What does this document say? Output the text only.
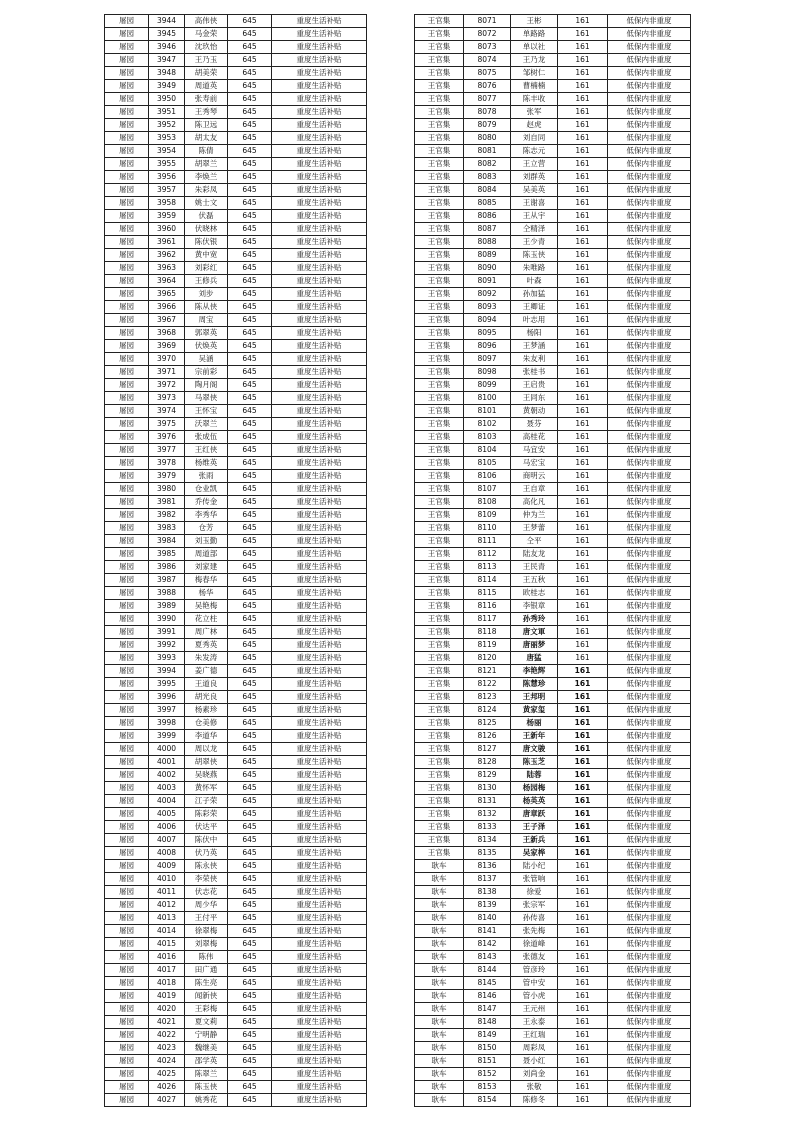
屠园	3944	高伟侠	645	重度生活补贴
屠园	3945	马金荣	645	重度生活补贴
屠园	3946	沈玖怡	645	重度生活补贴
屠园	3947	王乃玉	645	重度生活补贴
屠园	3948	胡美荣	645	重度生活补贴
屠园	3949	周道英	645	重度生活补贴
屠园	3950	张寿前	645	重度生活补贴
屠园	3951	王秀琴	645	重度生活补贴
屠园	3952	陈卫远	645	重度生活补贴
屠园	3953	胡太友	645	重度生活补贴
屠园	3954	陈倩	645	重度生活补贴
屠园	3955	胡翠兰	645	重度生活补贴
屠园	3956	李焕兰	645	重度生活补贴
屠园	3957	朱彩凤	645	重度生活补贴
屠园	3958	姚士文	645	重度生活补贴
屠园	3959	伏磊	645	重度生活补贴
屠园	3960	伏晓林	645	重度生活补贴
屠园	3961	陈伏银	645	重度生活补贴
屠园	3962	黄中宽	645	重度生活补贴
屠园	3963	刘彩红	645	重度生活补贴
屠园	3964	王修兵	645	重度生活补贴
屠园	3965	刘步	645	重度生活补贴
屠园	3966	陈从侠	645	重度生活补贴
屠园	3967	周宝	645	重度生活补贴
屠园	3968	郭翠英	645	重度生活补贴
屠园	3969	伏焕英	645	重度生活补贴
屠园	3970	吴涵	645	重度生活补贴
屠园	3971	宗前彩	645	重度生活补贴
屠园	3972	陶月阁	645	重度生活补贴
屠园	3973	马翠侠	645	重度生活补贴
屠园	3974	王怀宝	645	重度生活补贴
屠园	3975	沃翠兰	645	重度生活补贴
屠园	3976	张成伍	645	重度生活补贴
屠园	3977	王红侠	645	重度生活补贴
屠园	3978	杨维英	645	重度生活补贴
屠园	3979	张雨	645	重度生活补贴
屠园	3980	仓业凯	645	重度生活补贴
屠园	3981	乔传金	645	重度生活补贴
屠园	3982	李秀华	645	重度生活补贴
屠园	3983	仓芳	645	重度生活补贴
屠园	3984	刘玉勤	645	重度生活补贴
屠园	3985	周道部	645	重度生活补贴
屠园	3986	刘家建	645	重度生活补贴
屠园	3987	梅春华	645	重度生活补贴
屠园	3988	杨华	645	重度生活补贴
屠园	3989	吴艳梅	645	重度生活补贴
屠园	3990	花立柱	645	重度生活补贴
屠园	3991	周广林	645	重度生活补贴
屠园	3992	夏秀英	645	重度生活补贴
屠园	3993	朱发涛	645	重度生活补贴
屠园	3994	姜广德	645	重度生活补贴
屠园	3995	王道良	645	重度生活补贴
屠园	3996	胡光良	645	重度生活补贴
屠园	3997	杨素珍	645	重度生活补贴
屠园	3998	仓美修	645	重度生活补贴
屠园	3999	李道华	645	重度生活补贴
屠园	4000	周以龙	645	重度生活补贴
屠园	4001	胡翠侠	645	重度生活补贴
屠园	4002	吴晓燕	645	重度生活补贴
屠园	4003	黄怀军	645	重度生活补贴
屠园	4004	江子荣	645	重度生活补贴
屠园	4005	陈彩荣	645	重度生活补贴
屠园	4006	伏达平	645	重度生活补贴
屠园	4007	陈伏中	645	重度生活补贴
屠园	4008	伏乃英	645	重度生活补贴
屠园	4009	陈永侠	645	重度生活补贴
屠园	4010	李荣侠	645	重度生活补贴
屠园	4011	伏志花	645	重度生活补贴
屠园	4012	周少华	645	重度生活补贴
屠园	4013	王付平	645	重度生活补贴
屠园	4014	徐翠梅	645	重度生活补贴
屠园	4015	刘翠梅	645	重度生活补贴
屠园	4016	陈伟	645	重度生活补贴
屠园	4017	田广通	645	重度生活补贴
屠园	4018	陈生亮	645	重度生活补贴
屠园	4019	闻新侠	645	重度生活补贴
屠园	4020	王彩梅	645	重度生活补贴
屠园	4021	夏文莉	645	重度生活补贴
屠园	4022	宁明静	645	重度生活补贴
屠园	4023	魏继美	645	重度生活补贴
屠园	4024	邵学英	645	重度生活补贴
屠园	4025	陈翠兰	645	重度生活补贴
屠园	4026	陈玉侠	645	重度生活补贴
屠园	4027	姚秀花	645	重度生活补贴
王官集	8071	王彬	161	低保内非重度
王官集	8072	单路路	161	低保内非重度
王官集	8073	单以社	161	低保内非重度
王官集	8074	王乃龙	161	低保内非重度
王官集	8075	邹树仁	161	低保内非重度
王官集	8076	曹楠楠	161	低保内非重度
王官集	8077	陈丰收	161	低保内非重度
王官集	8078	张军	161	低保内非重度
王官集	8079	赵虎	161	低保内非重度
王官集	8080	刘自同	161	低保内非重度
王官集	8081	陈志元	161	低保内非重度
王官集	8082	王立营	161	低保内非重度
王官集	8083	刘群英	161	低保内非重度
王官集	8084	吴美英	161	低保内非重度
王官集	8085	王谢喜	161	低保内非重度
王官集	8086	王从宇	161	低保内非重度
王官集	8087	仝精泽	161	低保内非重度
王官集	8088	王少青	161	低保内非重度
王官集	8089	陈玉侠	161	低保内非重度
王官集	8090	朱唯路	161	低保内非重度
王官集	8091	叶森	161	低保内非重度
王官集	8092	孙加猛	161	低保内非重度
王官集	8093	王卿证	161	低保内非重度
王官集	8094	叶志用	161	低保内非重度
王官集	8095	杨阳	161	低保内非重度
王官集	8096	王梦涵	161	低保内非重度
王官集	8097	朱友利	161	低保内非重度
王官集	8098	张桂书	161	低保内非重度
王官集	8099	王启贵	161	低保内非重度
王官集	8100	王同东	161	低保内非重度
王官集	8101	黄朝动	161	低保内非重度
王官集	8102	聂芬	161	低保内非重度
王官集	8103	高桂花	161	低保内非重度
王官集	8104	马宜安	161	低保内非重度
王官集	8105	马宏宝	161	低保内非重度
王官集	8106	商明云	161	低保内非重度
王官集	8107	王自章	161	低保内非重度
王官集	8108	高化凡	161	低保内非重度
王官集	8109	仲为兰	161	低保内非重度
王官集	8110	王梦蕾	161	低保内非重度
王官集	8111	仝平	161	低保内非重度
王官集	8112	陆友龙	161	低保内非重度
王官集	8113	王民青	161	低保内非重度
王官集	8114	王五秋	161	低保内非重度
王官集	8115	欧桂志	161	低保内非重度
王官集	8116	李银章	161	低保内非重度
王官集	8117	孙秀玲	161	低保内非重度
王官集	8118	唐文軍	161	低保内非重度
王官集	8119	唐丽梦	161	低保内非重度
王官集	8120	唐猛	161	低保内非重度
王官集	8121	李艳辉	161	低保内非重度
王官集	8122	陈慧珍	161	低保内非重度
王官集	8123	王邦明	161	低保内非重度
王官集	8124	黄家玺	161	低保内非重度
王官集	8125	杨丽	161	低保内非重度
王官集	8126	王新年	161	低保内非重度
王官集	8127	唐文骏	161	低保内非重度
王官集	8128	陈玉芝	161	低保内非重度
王官集	8129	陆蓉	161	低保内非重度
王官集	8130	杨园梅	161	低保内非重度
王官集	8131	杨英英	161	低保内非重度
王官集	8132	唐章跃	161	低保内非重度
王官集	8133	王子泽	161	低保内非重度
王官集	8134	王新兵	161	低保内非重度
王官集	8135	吴家桦	161	低保内非重度
耿车	8136	陆小纪	161	低保内非重度
耿车	8137	张管响	161	低保内非重度
耿车	8138	徐爱	161	低保内非重度
耿车	8139	张宗军	161	低保内非重度
耿车	8140	孙传喜	161	低保内非重度
耿车	8141	张先梅	161	低保内非重度
耿车	8142	徐道峰	161	低保内非重度
耿车	8143	张德友	161	低保内非重度
耿车	8144	管彦玲	161	低保内非重度
耿车	8145	管中安	161	低保内非重度
耿车	8146	管小虎	161	低保内非重度
耿车	8147	王元州	161	低保内非重度
耿车	8148	王永泰	161	低保内非重度
耿车	8149	王红瑞	161	低保内非重度
耿车	8150	周彩凤	161	低保内非重度
耿车	8151	聂小红	161	低保内非重度
耿车	8152	刘尚金	161	低保内非重度
耿车	8153	张敬	161	低保内非重度
耿车	8154	陈修冬	161	低保内非重度
